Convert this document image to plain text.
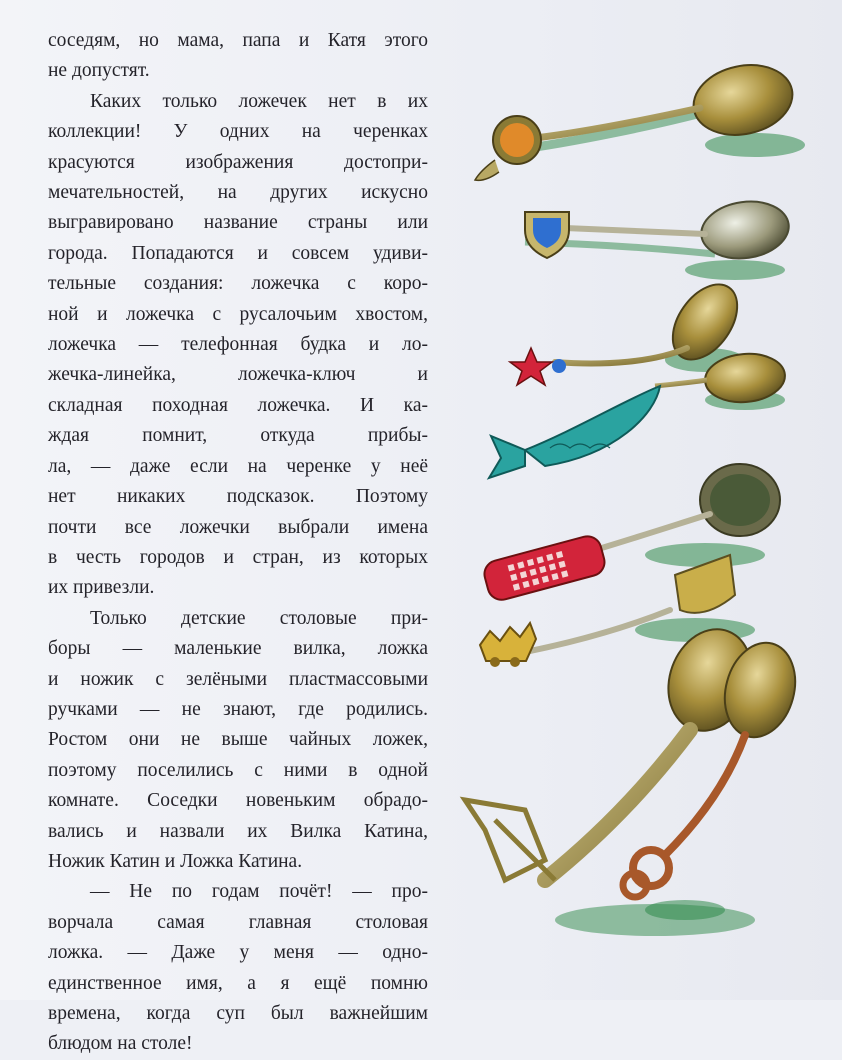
соседям, но мама, папа и Катя этого
не допустят.

Каких только ложечек нет в их
коллекции! У одних на черенках
красуются изображения достопри-
мечательностей, на других искусно
выгравировано название страны или
города. Попадаются и совсем удиви-
тельные создания: ложечка с коро-
ной и ложечка с русалочьим хвостом,
ложечка — телефонная будка и ло-
жечка-линейка, ложечка-ключ и
складная походная ложечка. И ка-
ждая помнит, откуда прибы-
ла, — даже если на черенке у неё
нет никаких подсказок. Поэтому
почти все ложечки выбрали имена
в честь городов и стран, из которых
их привезли.

Только детские столовые при-
боры — маленькие вилка, ложка
и ножик с зелёными пластмассовыми
ручками — не знают, где родились.
Ростом они не выше чайных ложек,
поэтому поселились с ними в одной
комнате. Соседки новеньким обрадо-
вались и назвали их Вилка Катина,
Ножик Катин и Ложка Катина.

— Не по годам почёт! — про-
ворчала самая главная столовая
ложка. — Даже у меня — одно-
единственное имя, а я ещё помню
времена, когда суп был важнейшим
блюдом на столе!
